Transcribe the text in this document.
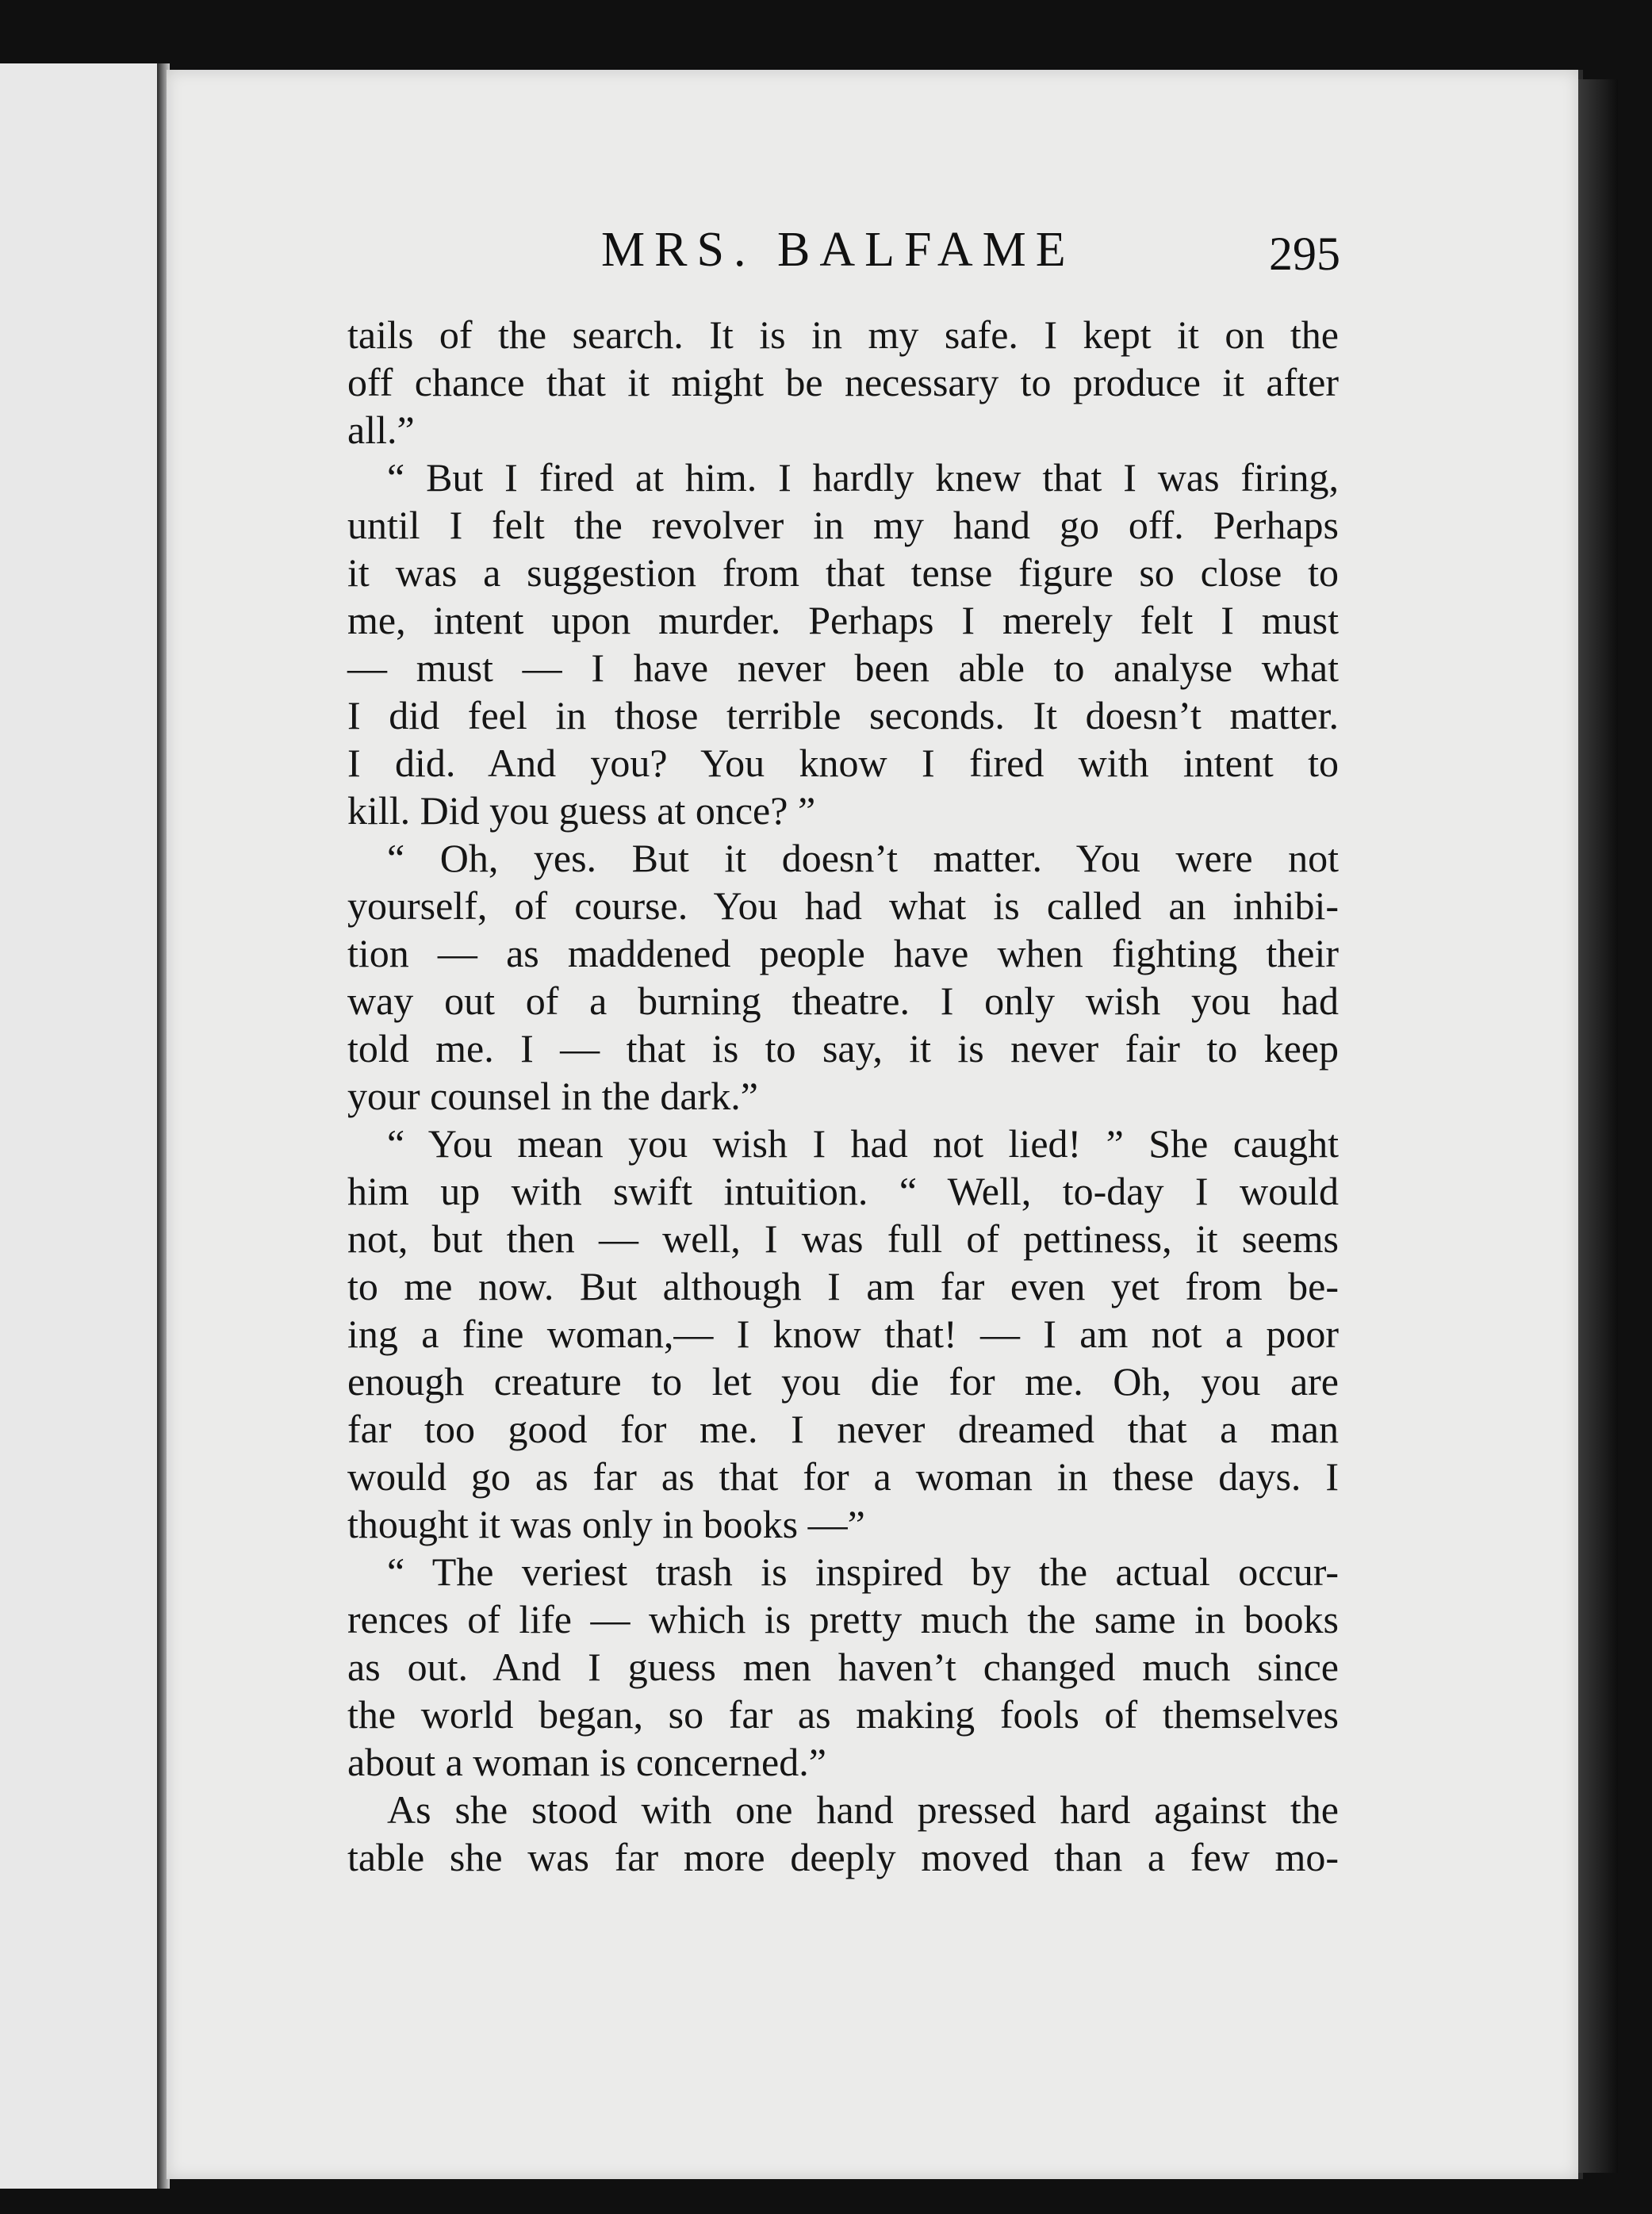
MRS. BALFAME	295
tails of the search. It is in my safe. I kept it on the
off chance that it might be necessary to produce it after
all.”
“ But I fired at him. I hardly knew that I was firing,
until I felt the revolver in my hand go off. Perhaps
it was a suggestion from that tense figure so close to
me, intent upon murder. Perhaps I merely felt I must
— must — I have never been able to analyse what
I did feel in those terrible seconds. It doesn’t matter.
I did. And you? You know I fired with intent to
kill. Did you guess at once? ”
“ Oh, yes. But it doesn’t matter. You were not
yourself, of course. You had what is called an inhibi-
tion — as maddened people have when fighting their
way out of a burning theatre. I only wish you had
told me. I — that is to say, it is never fair to keep
your counsel in the dark.”
“ You mean you wish I had not lied! ” She caught
him up with swift intuition. “ Well, to-day I would
not, but then — well, I was full of pettiness, it seems
to me now. But although I am far even yet from be-
ing a fine woman,— I know that! — I am not a poor
enough creature to let you die for me. Oh, you are
far too good for me. I never dreamed that a man
would go as far as that for a woman in these days. I
thought it was only in books —”
“ The veriest trash is inspired by the actual occur-
rences of life — which is pretty much the same in books
as out. And I guess men haven’t changed much since
the world began, so far as making fools of themselves
about a woman is concerned.”
As she stood with one hand pressed hard against the
table she was far more deeply moved than a few mo-
